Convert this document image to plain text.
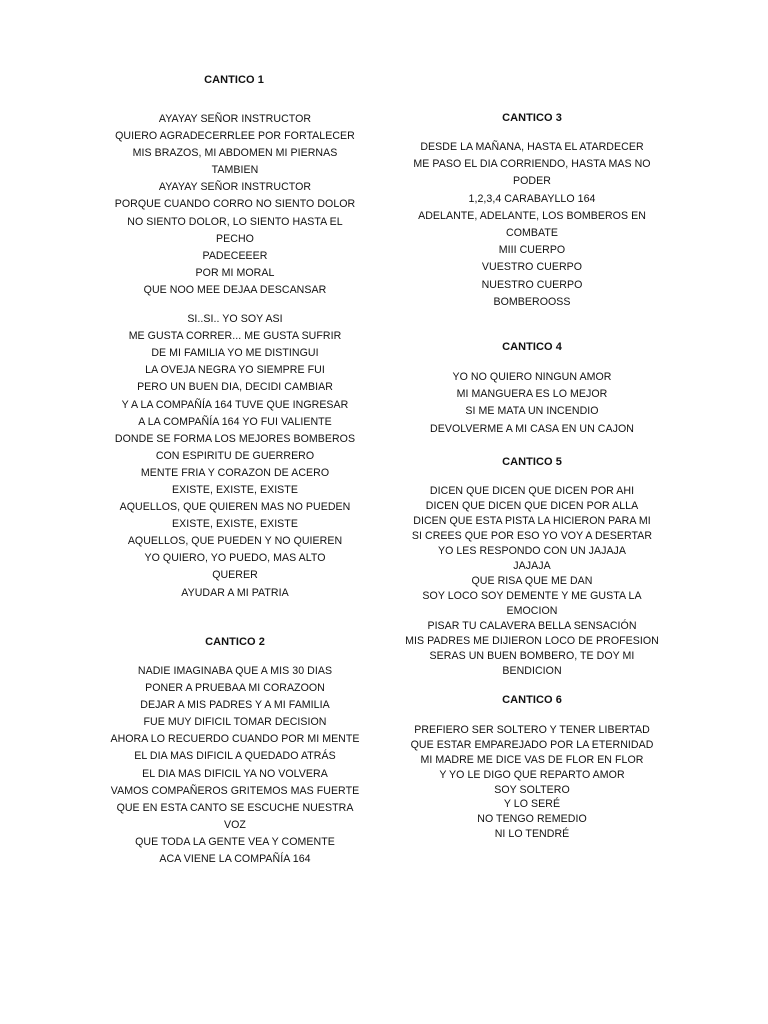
CANTICO 1
AYAYAY SEÑOR INSTRUCTOR
QUIERO AGRADECERRLEE POR FORTALECER
MIS BRAZOS, MI ABDOMEN MI PIERNAS
TAMBIEN
AYAYAY SEÑOR INSTRUCTOR
PORQUE CUANDO CORRO NO SIENTO DOLOR
NO SIENTO DOLOR, LO SIENTO HASTA EL
PECHO
PADECEEER
POR MI MORAL
QUE NOO MEE DEJAA DESCANSAR
SI..SI.. YO SOY ASI
ME GUSTA CORRER... ME GUSTA SUFRIR
DE MI FAMILIA YO ME DISTINGUI
LA OVEJA NEGRA YO SIEMPRE FUI
PERO UN BUEN DIA, DECIDI CAMBIAR
Y A LA COMPAÑÍA 164 TUVE QUE INGRESAR
A LA COMPAÑÍA 164 YO FUI VALIENTE
DONDE SE FORMA LOS MEJORES BOMBEROS
CON ESPIRITU DE GUERRERO
MENTE FRIA Y CORAZON DE ACERO
EXISTE, EXISTE, EXISTE
AQUELLOS, QUE QUIEREN MAS NO PUEDEN
EXISTE, EXISTE, EXISTE
AQUELLOS, QUE PUEDEN Y NO QUIEREN
YO QUIERO, YO PUEDO, MAS ALTO
QUERER
AYUDAR A MI PATRIA
CANTICO 2
NADIE IMAGINABA QUE A MIS 30 DIAS
PONER A PRUEBAA MI CORAZOON
DEJAR A MIS PADRES Y A MI FAMILIA
FUE MUY DIFICIL TOMAR DECISION
AHORA LO RECUERDO CUANDO POR MI MENTE
EL DIA MAS DIFICIL A QUEDADO ATRÁS
EL DIA MAS DIFICIL YA NO VOLVERA
VAMOS COMPAÑEROS GRITEMOS MAS FUERTE
QUE EN ESTA CANTO SE ESCUCHE NUESTRA
VOZ
QUE TODA LA GENTE VEA Y COMENTE
ACA VIENE LA COMPAÑÍA 164
CANTICO 3
DESDE LA MAÑANA, HASTA EL ATARDECER
ME PASO EL DIA CORRIENDO, HASTA MAS NO
PODER
1,2,3,4 CARABAYLLO 164
ADELANTE, ADELANTE, LOS BOMBEROS EN
COMBATE
MIII CUERPO
VUESTRO CUERPO
NUESTRO CUERPO
BOMBEROOSS
CANTICO 4
YO NO QUIERO NINGUN AMOR
MI MANGUERA ES LO MEJOR
SI ME MATA UN INCENDIO
DEVOLVERME A MI CASA EN UN CAJON
CANTICO 5
DICEN QUE DICEN QUE DICEN POR AHI
DICEN QUE DICEN QUE DICEN POR ALLA
DICEN QUE ESTA PISTA LA HICIERON PARA MI
SI CREES QUE POR ESO YO VOY A DESERTAR
YO LES RESPONDO CON UN JAJAJA
JAJAJA
QUE RISA QUE ME DAN
SOY LOCO SOY DEMENTE Y ME GUSTA LA
EMOCION
PISAR TU CALAVERA BELLA SENSACIÓN
MIS PADRES ME DIJIERON LOCO DE PROFESION
SERAS UN BUEN BOMBERO, TE DOY MI
BENDICION
CANTICO 6
PREFIERO SER SOLTERO Y TENER LIBERTAD
QUE ESTAR EMPAREJADO POR LA ETERNIDAD
MI MADRE ME DICE VAS DE FLOR EN FLOR
Y YO LE DIGO QUE REPARTO AMOR
SOY SOLTERO
Y LO SERÉ
NO TENGO REMEDIO
NI LO TENDRÉ
